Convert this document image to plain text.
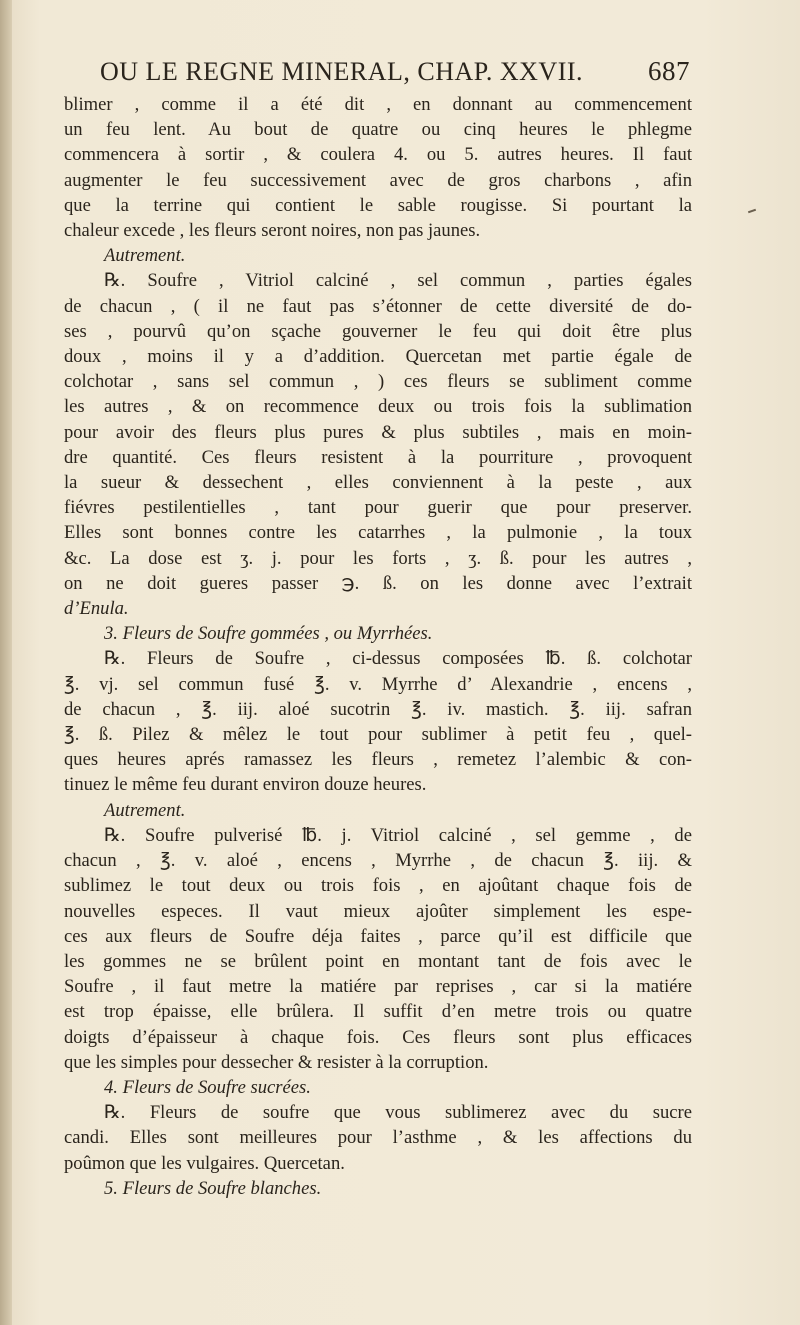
OU LE REGNE MINERAL, CHAP. XXVII. 687
blimer , comme il a été dit , en donnant au commencement
un feu lent. Au bout de quatre ou cinq heures le phlegme
commencera à sortir , & coulera 4. ou 5. autres heures. Il faut
augmenter le feu successivement avec de gros charbons , afin
que la terrine qui contient le sable rougisse. Si pourtant la
chaleur excede , les fleurs seront noires, non pas jaunes.
Autrement.
℞. Soufre , Vitriol calciné , sel commun , parties égales
de chacun , ( il ne faut pas s’étonner de cette diversité de do-
ses , pourvû qu’on sçache gouverner le feu qui doit être plus
doux , moins il y a d’addition. Quercetan met partie égale de
colchotar , sans sel commun , ) ces fleurs se subliment comme
les autres , & on recommence deux ou trois fois la sublimation
pour avoir des fleurs plus pures & plus subtiles , mais en moin-
dre quantité. Ces fleurs resistent à la pourriture , provoquent
la sueur & dessechent , elles conviennent à la peste , aux
fiévres pestilentielles , tant pour guerir que pour preserver.
Elles sont bonnes contre les catarrhes , la pulmonie , la toux
&c. La dose est ʒ. j. pour les forts , ʒ. ß. pour les autres ,
on ne doit gueres passer ℈. ß. on les donne avec l’extrait
d’Enula.
3. Fleurs de Soufre gommées , ou Myrrhées.
℞. Fleurs de Soufre , ci-dessus composées ℔. ß. colchotar
℥. vj. sel commun fusé ℥. v. Myrrhe d’ Alexandrie , encens ,
de chacun , ℥. iij. aloé sucotrin ℥. iv. mastich. ℥. iij. safran
℥. ß. Pilez & mêlez le tout pour sublimer à petit feu , quel-
ques heures aprés ramassez les fleurs , remetez l’alembic & con-
tinuez le même feu durant environ douze heures.
Autrement.
℞. Soufre pulverisé ℔. j. Vitriol calciné , sel gemme , de
chacun , ℥. v. aloé , encens , Myrrhe , de chacun ℥. iij. &
sublimez le tout deux ou trois fois , en ajoûtant chaque fois de
nouvelles especes. Il vaut mieux ajoûter simplement les espe-
ces aux fleurs de Soufre déja faites , parce qu’il est difficile que
les gommes ne se brûlent point en montant tant de fois avec le
Soufre , il faut metre la matiére par reprises , car si la matiére
est trop épaisse, elle brûlera. Il suffit d’en metre trois ou quatre
doigts d’épaisseur à chaque fois. Ces fleurs sont plus efficaces
que les simples pour dessecher & resister à la corruption.
4. Fleurs de Soufre sucrées.
℞. Fleurs de soufre que vous sublimerez avec du sucre
candi. Elles sont meilleures pour l’asthme , & les affections du
poûmon que les vulgaires. Quercetan.
5. Fleurs de Soufre blanches.
